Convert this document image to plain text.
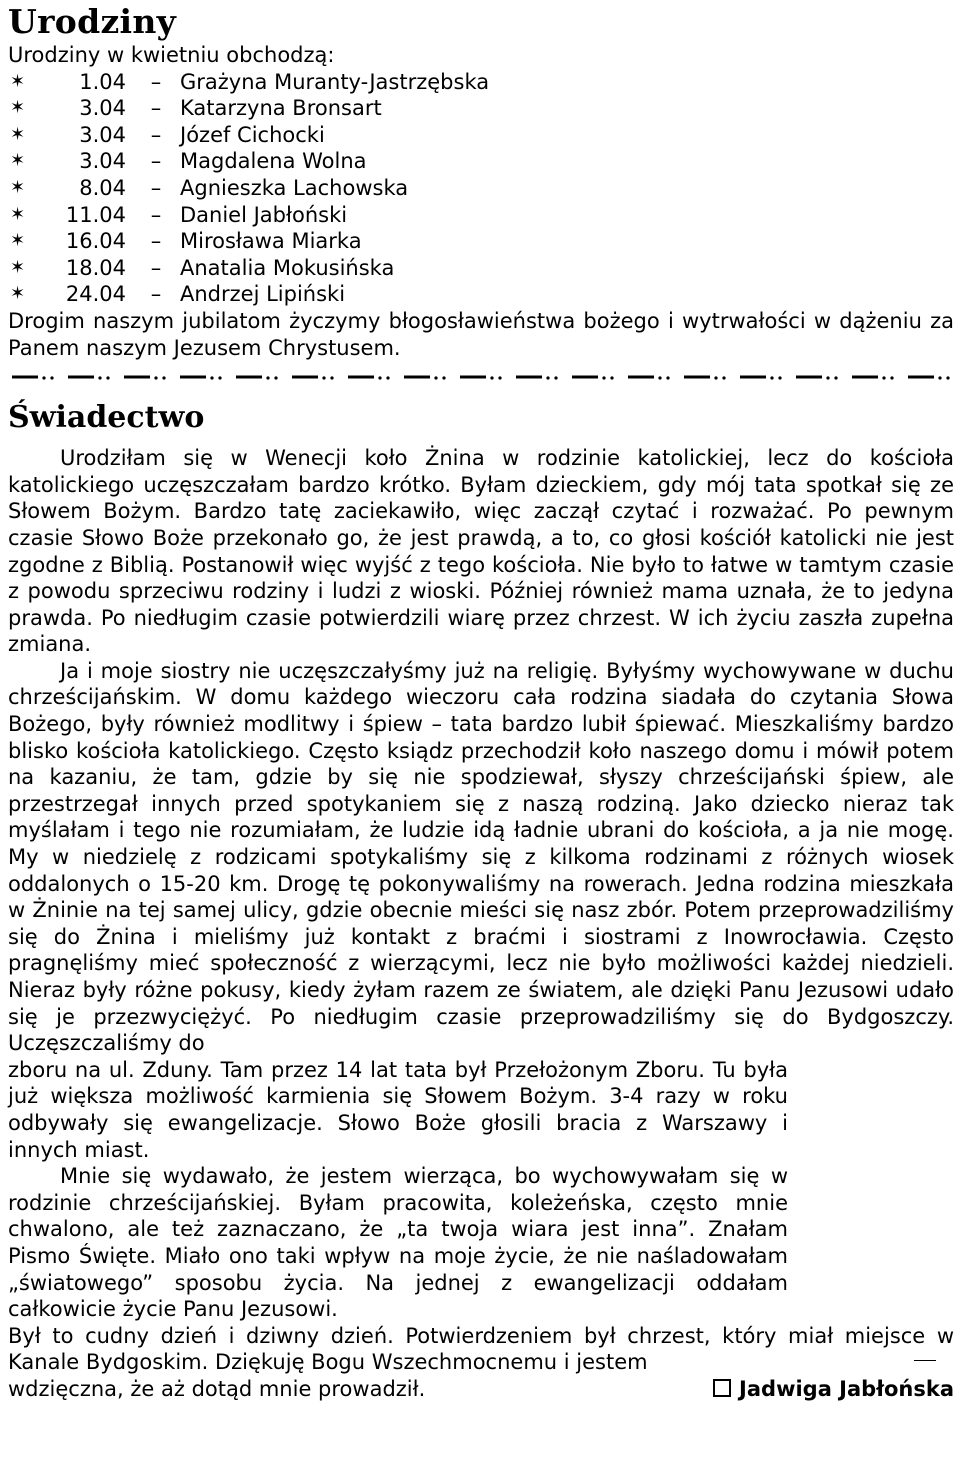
Urodziny

Urodziny w kwietniu obchodzą:

✶	1.04	– Grażyna Muranty-Jastrzębska
✶	3.04	– Katarzyna Bronsart
✶	3.04	– Józef Cichocki
✶	3.04	– Magdalena Wolna
✶	8.04	– Agnieszka Lachowska
✶	11.04	– Daniel Jabłoński
✶	16.04	– Mirosława Miarka
✶	18.04	– Anatalia Mokusińska
✶	24.04	– Andrzej Lipiński

Drogim naszym jubilatom życzymy błogosławieństwa bożego i wytrwałości w dążeniu za Panem naszym Jezusem Chrystusem.

Świadectwo

Urodziłam się w Wenecji koło Żnina w rodzinie katolickiej, lecz do kościoła katolickiego uczęszczałam bardzo krótko. Byłam dzieckiem, gdy mój tata spotkał się ze Słowem Bożym. Bardzo tatę zaciekawiło, więc zaczął czytać i rozważać. Po pewnym czasie Słowo Boże przekonało go, że jest prawdą, a to, co głosi kościół katolicki nie jest zgodne z Biblią. Postanowił więc wyjść z tego kościoła. Nie było to łatwe w tamtym czasie z powodu sprzeciwu rodziny i ludzi z wioski. Później również mama uznała, że to jedyna prawda. Po niedługim czasie potwierdzili wiarę przez chrzest. W ich życiu zaszła zupełna zmiana.

Ja i moje siostry nie uczęszczałyśmy już na religię. Byłyśmy wychowywane w duchu chrześcijańskim. W domu każdego wieczoru cała rodzina siadała do czytania Słowa Bożego, były również modlitwy i śpiew – tata bardzo lubił śpiewać. Mieszkaliśmy bardzo blisko kościoła katolickiego. Często ksiądz przechodził koło naszego domu i mówił potem na kazaniu, że tam, gdzie by się nie spodziewał, słyszy chrześcijański śpiew, ale przestrzegał innych przed spotykaniem się z naszą rodziną. Jako dziecko nieraz tak myślałam i tego nie rozumiałam, że ludzie idą ładnie ubrani do kościoła, a ja nie mogę. My w niedzielę z rodzicami spotykaliśmy się z kilkoma rodzinami z różnych wiosek oddalonych o 15-20 km. Drogę tę pokonywaliśmy na rowerach. Jedna rodzina mieszkała w Żninie na tej samej ulicy, gdzie obecnie mieści się nasz zbór. Potem przeprowadziliśmy się do Żnina i mieliśmy już kontakt z braćmi i siostrami z Inowrocławia. Często pragnęliśmy mieć społeczność z wierzącymi, lecz nie było możliwości każdej niedzieli. Nieraz były różne pokusy, kiedy żyłam razem ze światem, ale dzięki Panu Jezusowi udało się je przezwyciężyć. Po niedługim czasie przeprowadziliśmy się do Bydgoszczy. Uczęszczaliśmy do

zboru na ul. Zduny. Tam przez 14 lat tata był Przełożonym Zboru. Tu była już większa możliwość karmienia się Słowem Bożym. 3-4 razy w roku odbywały się ewangelizacje. Słowo Boże głosili bracia z Warszawy i innych miast.

Mnie się wydawało, że jestem wierząca, bo wychowywałam się w rodzinie chrześcijańskiej. Byłam pracowita, koleżeńska, często mnie chwalono, ale też zaznaczano, że „ta twoja wiara jest inna”. Znałam Pismo Święte. Miało ono taki wpływ na moje życie, że nie naśladowałam „światowego” sposobu życia. Na jednej z ewangelizacji oddałam całkowicie życie Panu Jezusowi.

Był to cudny dzień i dziwny dzień. Potwierdzeniem był chrzest, który miał miejsce w Kanale Bydgoskim. Dziękuję Bogu Wszechmocnemu i jestem

wdzięczna, że aż dotąd mnie prowadził.	Jadwiga Jabłońska
